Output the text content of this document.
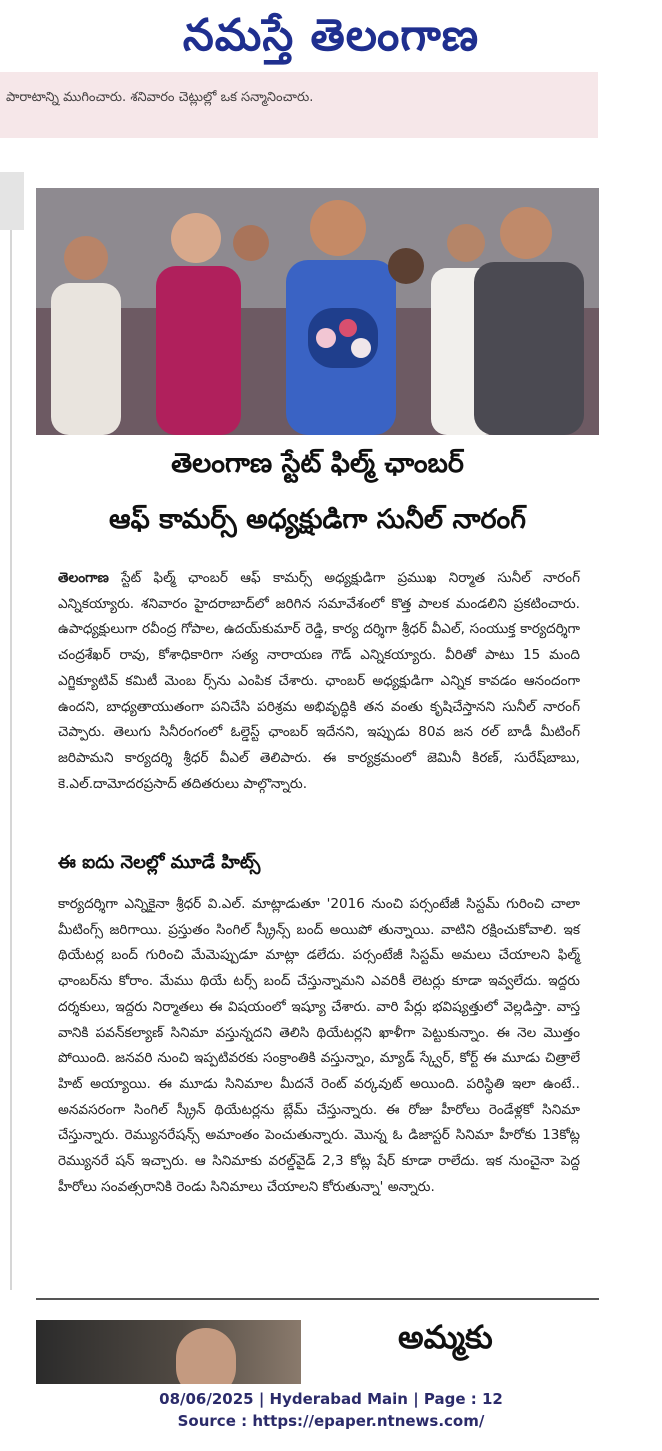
నమస్తే తెలంగాణ
పారాటాన్ని ముగించారు. శనివారం చెట్లుల్లో ఒక సన్మానించారు.
తెలంగాణ స్టేట్ ఫిల్మ్ ఛాంబర్
ఆఫ్ కామర్స్ అధ్యక్షుడిగా సునీల్ నారంగ్
తెలంగాణ స్టేట్ ఫిల్మ్ ఛాంబర్ ఆఫ్ కామర్స్ అధ్యక్షుడిగా ప్రముఖ నిర్మాత సునీల్ నారంగ్ ఎన్నికయ్యారు. శనివారం హైదరాబాద్‌లో జరిగిన సమావేశంలో కొత్త పాలక మండలిని ప్రకటించారు. ఉపాధ్యక్షులుగా రవీంద్ర గోపాల, ఉదయ్‌కుమార్ రెడ్డి, కార్య దర్శిగా శ్రీధర్ వీఎల్, సంయుక్త కార్యదర్శిగా చంద్రశేఖర్ రావు, కోశాధికారిగా సత్య నారాయణ గౌడ్ ఎన్నికయ్యారు. వీరితో పాటు 15 మంది ఎగ్జిక్యూటివ్ కమిటీ మెంబ ర్స్‌ను ఎంపిక చేశారు. ఛాంబర్ అధ్యక్షుడిగా ఎన్నిక కావడం ఆనందంగా ఉందని, బాధ్యతాయుతంగా పనిచేసి పరిశ్రమ అభివృద్ధికి తన వంతు కృషిచేస్తానని సునీల్ నారంగ్ చెప్పారు. తెలుగు సినీరంగంలో ఓల్డెస్ట్ ఛాంబర్ ఇదేనని, ఇప్పుడు 80వ జన రల్ బాడీ మీటింగ్ జరిపామని కార్యదర్శి శ్రీధర్ వీఎల్ తెలిపారు. ఈ కార్యక్రమంలో జెమినీ కిరణ్, సురేష్‌బాబు, కె.ఎల్.దామోదరప్రసాద్ తదితరులు పాల్గొన్నారు.
ఈ ఐదు నెలల్లో మూడే హిట్స్
కార్యదర్శిగా ఎన్నికైనా శ్రీధర్ వి.ఎల్. మాట్లాడుతూ '2016 నుంచి పర్సంటేజీ సిస్టమ్ గురించి చాలా మీటింగ్స్ జరిగాయి. ప్రస్తుతం సింగిల్ స్క్రీన్స్ బంద్ అయిపో తున్నాయి. వాటిని రక్షించుకోవాలి. ఇక థియేటర్ల బంద్ గురించి మేమెప్పుడూ మాట్లా డలేదు. పర్సంటేజీ సిస్టమ్ అమలు చేయాలని ఫిల్మ్ ఛాంబర్‌ను కోరాం. మేము థియే టర్స్ బంద్ చేస్తున్నామని ఎవరికీ లెటర్లు కూడా ఇవ్వలేదు. ఇద్దరు దర్శకులు, ఇద్దరు నిర్మాతలు ఈ విషయంలో ఇష్యూ చేశారు. వారి పేర్లు భవిష్యత్తులో వెల్లడిస్తా. వాస్త వానికి పవన్‌కల్యాణ్ సినిమా వస్తున్నదని తెలిసి థియేటర్లని ఖాళీగా పెట్టుకున్నాం. ఈ నెల మొత్తం పోయింది. జనవరి నుంచి ఇప్పటివరకు సంక్రాంతికి వస్తున్నాం, మ్యాడ్ స్క్వేర్, కోర్ట్ ఈ మూడు చిత్రాలే హిట్ అయ్యాయి. ఈ మూడు సినిమాల మీదనే రెంట్ వర్కవుట్ అయింది. పరిస్థితి ఇలా ఉంటే.. అనవసరంగా సింగిల్ స్క్రీన్ థియేటర్లను బ్లేమ్ చేస్తున్నారు. ఈ రోజు హీరోలు రెండేళ్లకో సినిమా చేస్తున్నారు. రెమ్యునరేషన్స్ అమాంతం పెంచుతున్నారు. మొన్న ఓ డిజాస్టర్ సినిమా హీరోకు 13కోట్ల రెమ్యునరే షన్ ఇచ్చారు. ఆ సినిమాకు వరల్డ్‌వైడ్ 2,3 కోట్ల షేర్ కూడా రాలేదు. ఇక నుంచైనా పెద్ద హీరోలు సంవత్సరానికి రెండు సినిమాలు చేయాలని కోరుతున్నా' అన్నారు.
అమ్మకు
08/06/2025 | Hyderabad Main | Page : 12
Source : https://epaper.ntnews.com/
